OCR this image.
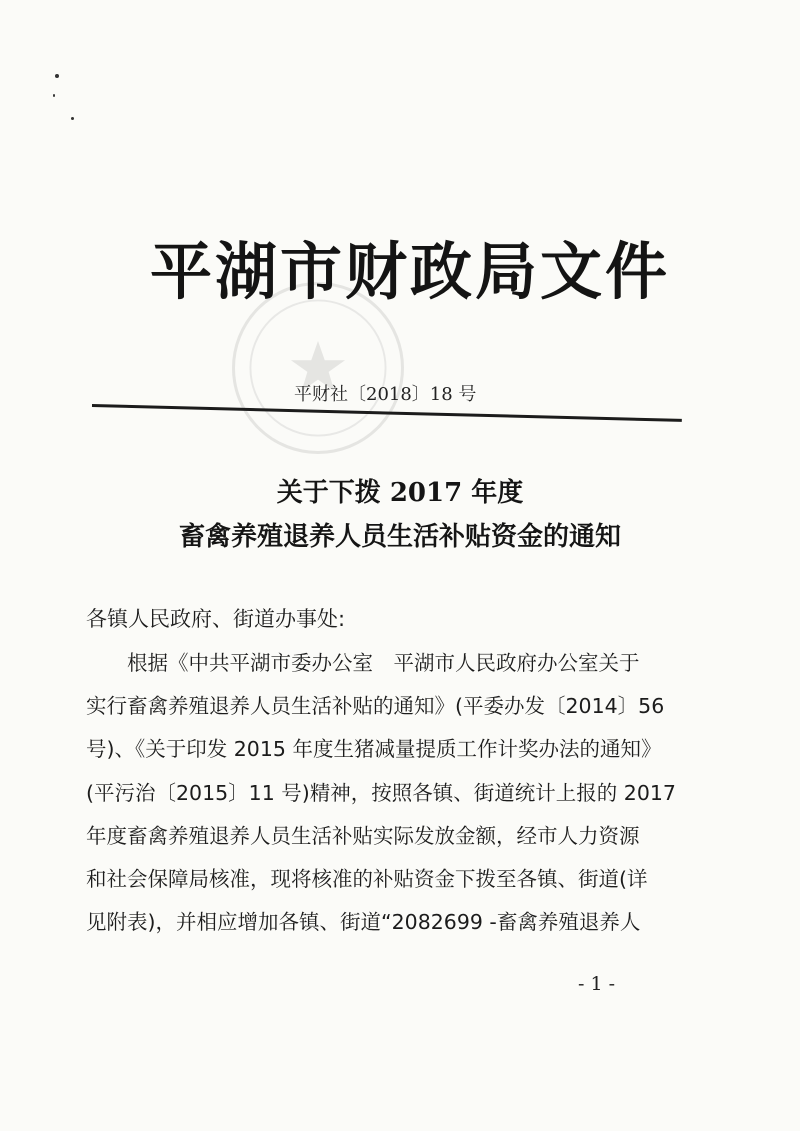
平湖市财政局文件
平财社〔2018〕18 号
关于下拨 2017 年度
畜禽养殖退养人员生活补贴资金的通知
各镇人民政府、街道办事处:
根据《中共平湖市委办公室　平湖市人民政府办公室关于
实行畜禽养殖退养人员生活补贴的通知》(平委办发〔2014〕56
号)、《关于印发 2015 年度生猪减量提质工作计奖办法的通知》
(平污治〔2015〕11 号)精神，按照各镇、街道统计上报的 2017
年度畜禽养殖退养人员生活补贴实际发放金额，经市人力资源
和社会保障局核准，现将核准的补贴资金下拨至各镇、街道(详
见附表)，并相应增加各镇、街道“2082699 -畜禽养殖退养人
- 1 -
